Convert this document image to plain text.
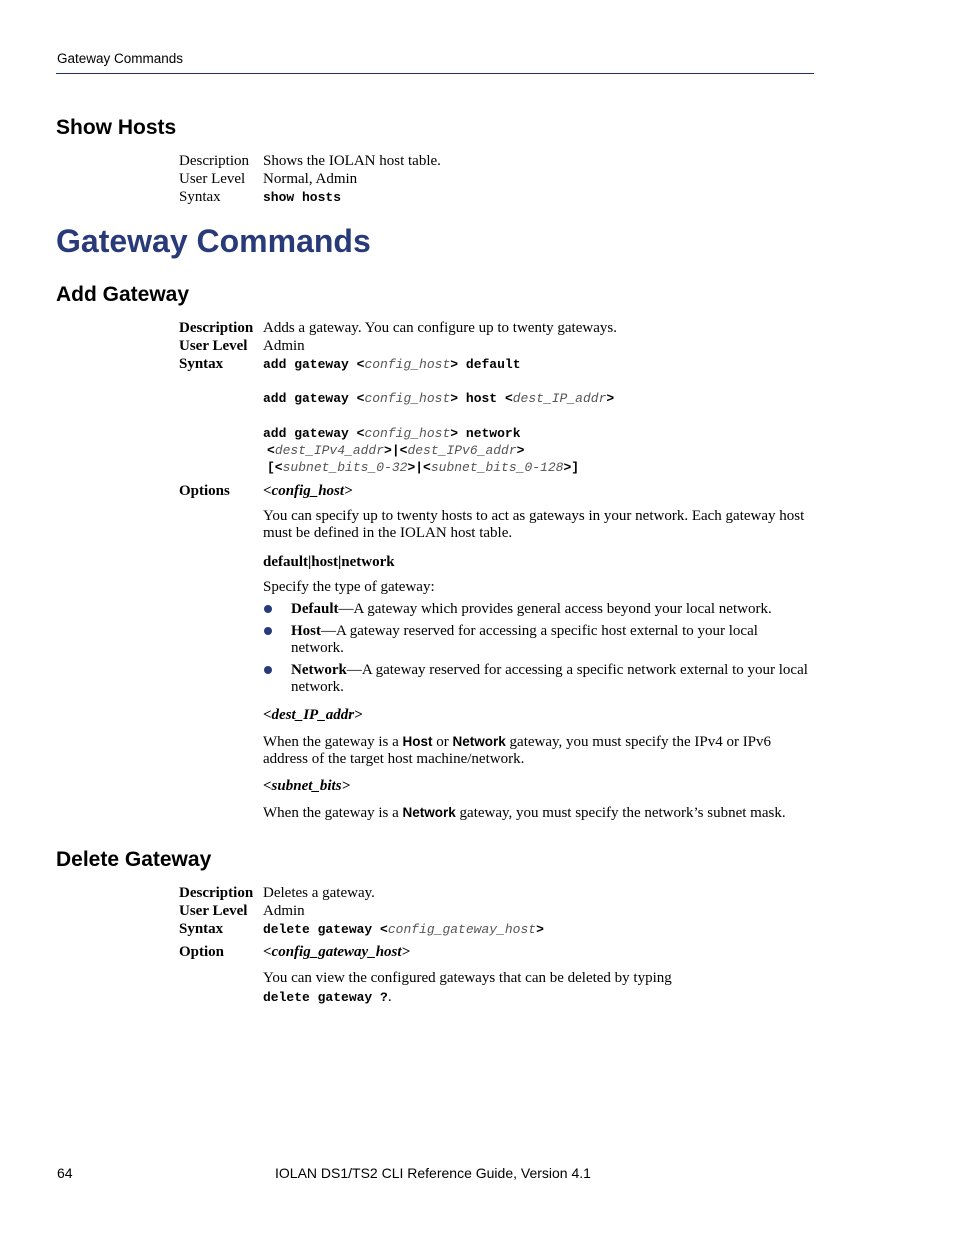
Gateway Commands
Show Hosts
Description Shows the IOLAN host table.
User Level Normal, Admin
Syntax	show hosts
Gateway Commands
Add Gateway
Description Adds a gateway. You can configure up to twenty gateways.
User Level Admin
Syntax	add gateway <config_host> default
add gateway <config_host> host <dest_IP_addr>
add gateway <config_host> network
<dest_IPv4_addr>|<dest_IPv6_addr>
[<subnet_bits_0-32>|<subnet_bits_0-128>]
Options <config_host>
You can specify up to twenty hosts to act as gateways in your network. Each gateway host must be defined in the IOLAN host table.
default|host|network
Specify the type of gateway:
Default—A gateway which provides general access beyond your local network.
Host—A gateway reserved for accessing a specific host external to your local network.
Network—A gateway reserved for accessing a specific network external to your local network.
<dest_IP_addr>
When the gateway is a Host or Network gateway, you must specify the IPv4 or IPv6 address of the target host machine/network.
<subnet_bits>
When the gateway is a Network gateway, you must specify the network’s subnet mask.
Delete Gateway
Description Deletes a gateway.
User Level Admin
Syntax	delete gateway <config_gateway_host>
Option	<config_gateway_host>
You can view the configured gateways that can be deleted by typing
delete gateway ?.
64	IOLAN DS1/TS2 CLI Reference Guide, Version 4.1
